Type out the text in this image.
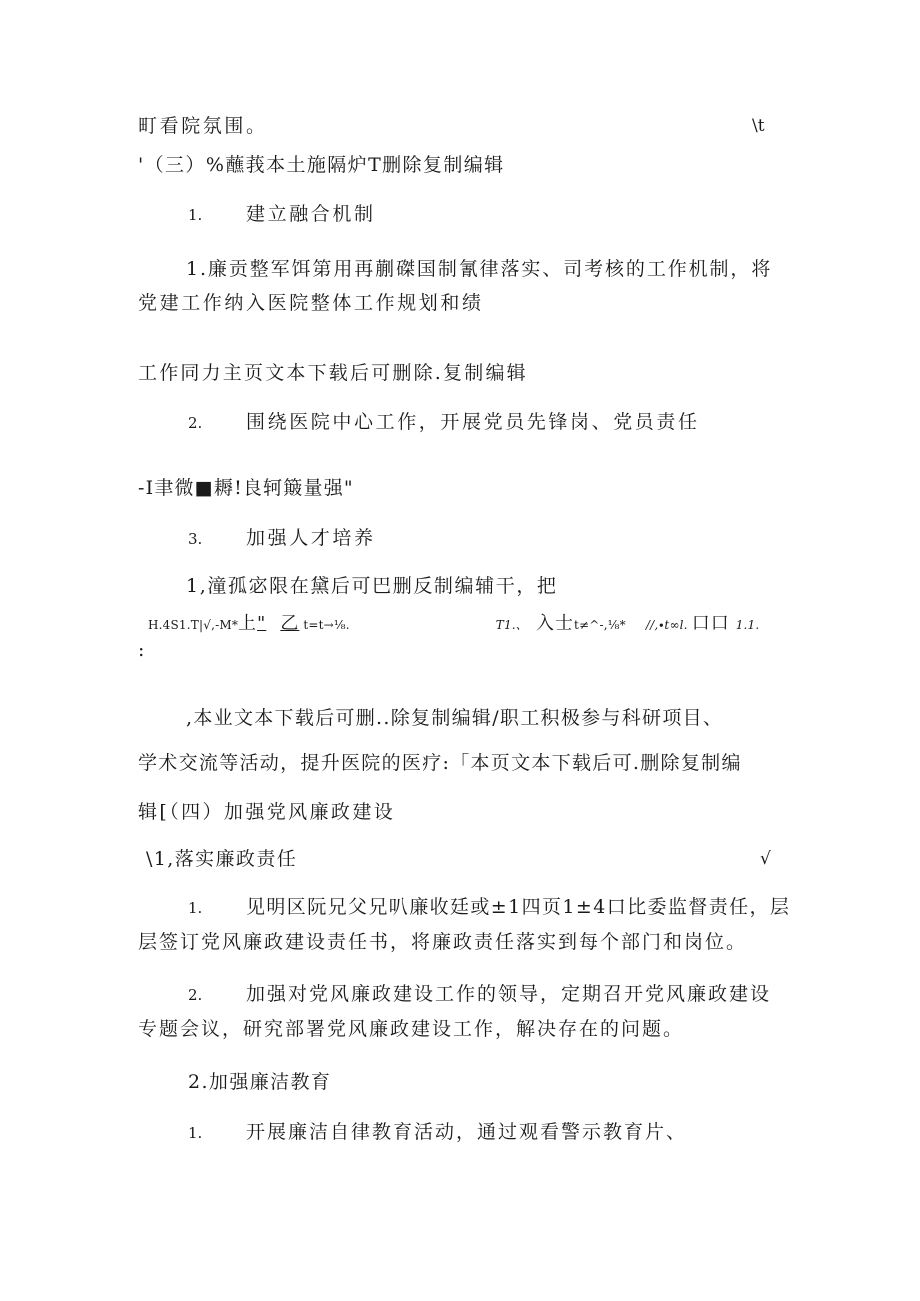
町看院氛围。	\t
'（三）%蘸莪本土施隔炉T删除复制编辑
1. 建立融合机制
1.廉贡整军饵第用再蒯磔国制氰律落实、司考核的工作机制，将
党建工作纳入医院整体工作规划和绩
工作同力主页文本下载后可删除.复制编辑
2. 围绕医院中心工作，开展党员先锋岗、党员责任
-I聿微■耨!良轲簸量强"
3. 加强人才培养
1,潼孤宓限在黛后可巴删反制编辅干，把
H.4S1.T|√,-M*上" 乙 t=t→⅛.	T1.、 入士t≠^-,⅛* //,∙t∞l. 口口 1.1.
:
,本业文本下载后可删..除复制编辑/职工积极参与科研项目、
学术交流等活动，提升医院的医疗:「本页文本下载后可.删除复制编
辑[（四）加强党风廉政建设
\1,落实廉政责任	√
1. 见明区阮兄父兄叭廉收廷或±1四页1±4口比委监督责任，层
层签订党风廉政建设责任书，将廉政责任落实到每个部门和岗位。
2. 加强对党风廉政建设工作的领导，定期召开党风廉政建设
专题会议，研究部署党风廉政建设工作，解决存在的问题。
2.加强廉洁教育
1. 开展廉洁自律教育活动，通过观看警示教育片、
